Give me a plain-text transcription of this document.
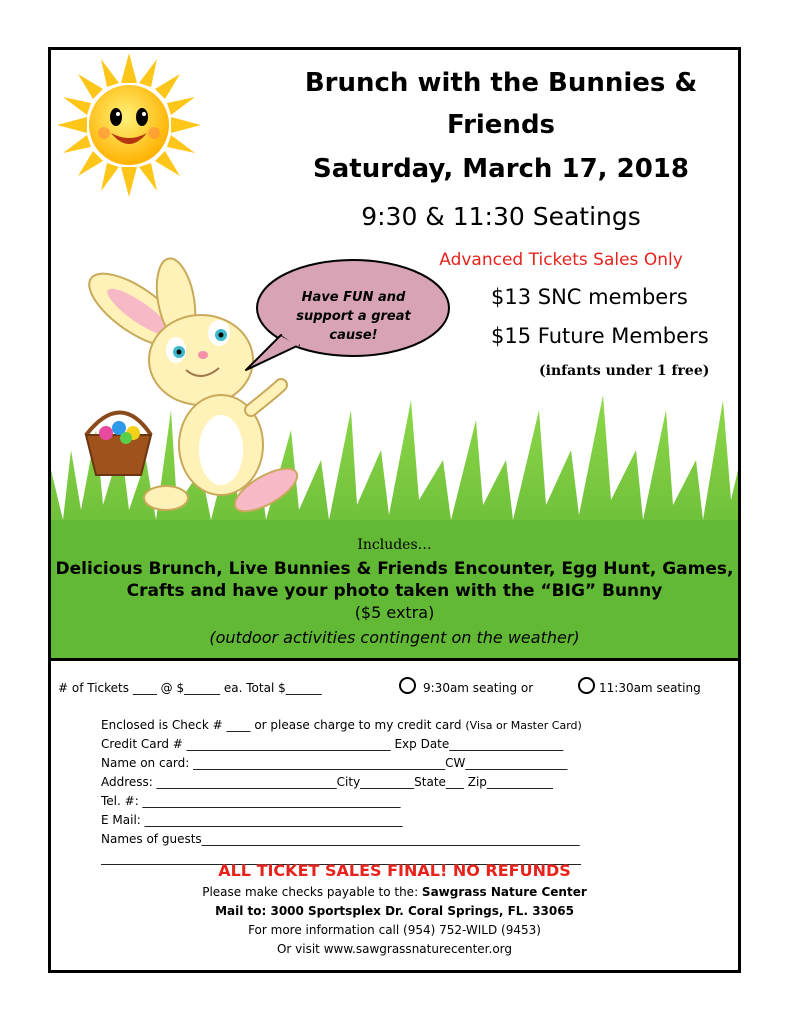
Brunch with the Bunnies & Friends
Saturday, March 17, 2018
9:30 & 11:30 Seatings
Advanced Tickets Sales Only
$13 SNC members
$15 Future Members
(infants under 1 free)
Have FUN and support a great cause!
Includes…
Delicious Brunch, Live Bunnies & Friends Encounter, Egg Hunt, Games, Crafts and have your photo taken with the “BIG” Bunny
($5 extra)
(outdoor activities contingent on the weather)
# of Tickets ____ @ $______ ea. Total $______	9:30am seating or	11:30am seating
Enclosed is Check # ____ or please charge to my credit card (Visa or Master Card)
Credit Card # __________________________________ Exp Date___________________
Name on card: __________________________________________CW_________________
Address: ______________________________City_________State___ Zip___________
Tel. #: ___________________________________________
E Mail: ___________________________________________
Names of guests_______________________________________________________________
________________________________________________________________________________
ALL TICKET SALES FINAL! NO REFUNDS
Please make checks payable to the: Sawgrass Nature Center
Mail to: 3000 Sportsplex Dr. Coral Springs, FL. 33065
For more information call (954) 752-WILD (9453)
Or visit www.sawgrassnaturecenter.org
